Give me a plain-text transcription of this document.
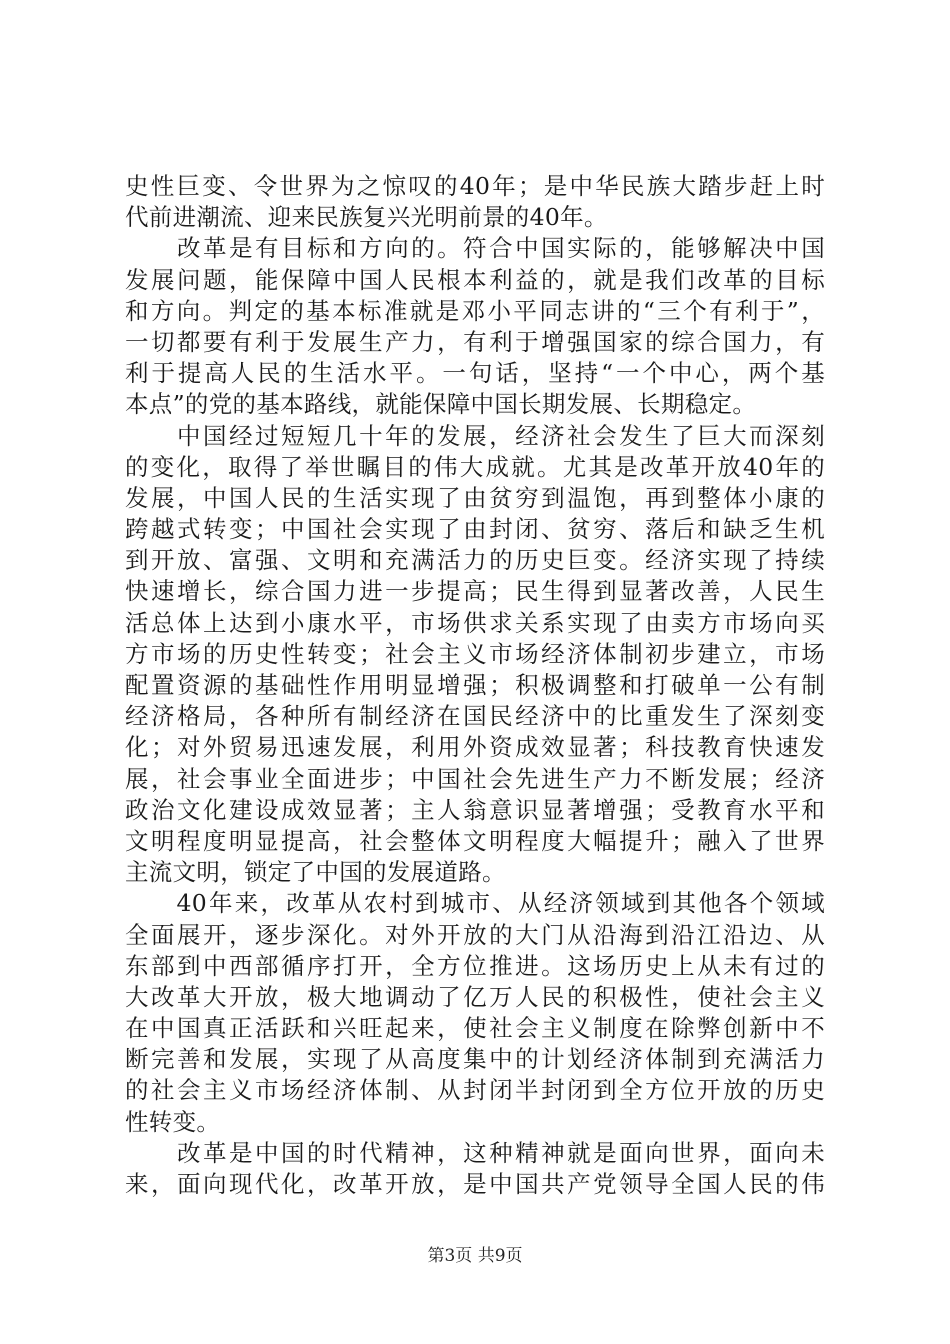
史性巨变、令世界为之惊叹的40年；是中华民族大踏步赶上时
代前进潮流、迎来民族复兴光明前景的40年。
　　改革是有目标和方向的。符合中国实际的，能够解决中国
发展问题，能保障中国人民根本利益的，就是我们改革的目标
和方向。判定的基本标准就是邓小平同志讲的“三个有利于”，
一切都要有利于发展生产力，有利于增强国家的综合国力，有
利于提高人民的生活水平。一句话，坚持“一个中心，两个基
本点”的党的基本路线，就能保障中国长期发展、长期稳定。
　　中国经过短短几十年的发展，经济社会发生了巨大而深刻
的变化，取得了举世瞩目的伟大成就。尤其是改革开放40年的
发展，中国人民的生活实现了由贫穷到温饱，再到整体小康的
跨越式转变；中国社会实现了由封闭、贫穷、落后和缺乏生机
到开放、富强、文明和充满活力的历史巨变。经济实现了持续
快速增长，综合国力进一步提高；民生得到显著改善，人民生
活总体上达到小康水平，市场供求关系实现了由卖方市场向买
方市场的历史性转变；社会主义市场经济体制初步建立，市场
配置资源的基础性作用明显增强；积极调整和打破单一公有制
经济格局，各种所有制经济在国民经济中的比重发生了深刻变
化；对外贸易迅速发展，利用外资成效显著；科技教育快速发
展，社会事业全面进步；中国社会先进生产力不断发展；经济
政治文化建设成效显著；主人翁意识显著增强；受教育水平和
文明程度明显提高，社会整体文明程度大幅提升；融入了世界
主流文明，锁定了中国的发展道路。
　　40年来，改革从农村到城市、从经济领域到其他各个领域
全面展开，逐步深化。对外开放的大门从沿海到沿江沿边、从
东部到中西部循序打开，全方位推进。这场历史上从未有过的
大改革大开放，极大地调动了亿万人民的积极性，使社会主义
在中国真正活跃和兴旺起来，使社会主义制度在除弊创新中不
断完善和发展，实现了从高度集中的计划经济体制到充满活力
的社会主义市场经济体制、从封闭半封闭到全方位开放的历史
性转变。
　　改革是中国的时代精神，这种精神就是面向世界，面向未
来，面向现代化，改革开放，是中国共产党领导全国人民的伟
第3页 共9页
